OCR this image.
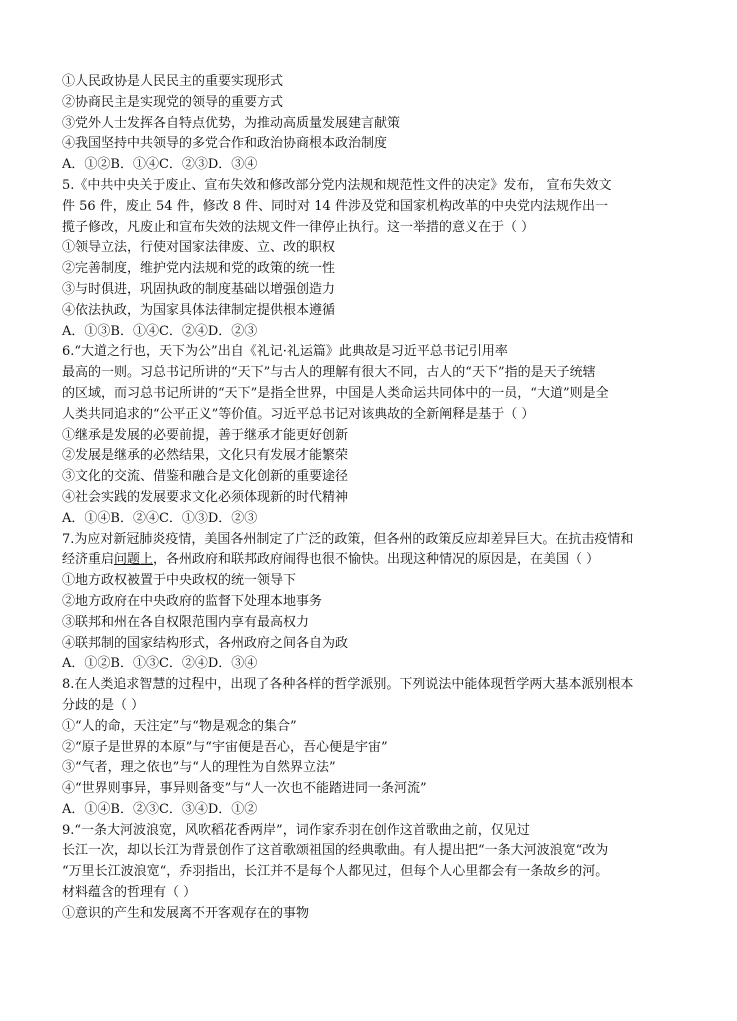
①人民政协是人民民主的重要实现形式
②协商民主是实现党的领导的重要方式
③党外人士发挥各自特点优势，为推动高质量发展建言献策
④我国坚持中共领导的多党合作和政治协商根本政治制度
A．①②B．①④C．②③D．③④
5.《中共中央关于废止、宣布失效和修改部分党内法规和规范性文件的决定》发布， 宣布失效文
件 56 件，废止 54 件，修改 8 件、同时对 14 件涉及党和国家机构改革的中央党内法规作出一
揽子修改，凡废止和宣布失效的法规文件一律停止执行。这一举措的意义在于（ ）
①领导立法，行使对国家法律废、立、改的职权
②完善制度，维护党内法规和党的政策的统一性
③与时俱进，巩固执政的制度基础以增强创造力
④依法执政，为国家具体法律制定提供根本遵循
A．①③B．①④C．②④D．②③
6.“大道之行也，天下为公”出自《礼记·礼运篇》此典故是习近平总书记引用率
最高的一则。习总书记所讲的“天下”与古人的理解有很大不同，古人的“天下”指的是天子统辖
的区域，而习总书记所讲的“天下”是指全世界，中国是人类命运共同体中的一员，“大道”则是全
人类共同追求的“公平正义”等价值。习近平总书记对该典故的全新阐释是基于（ ）
①继承是发展的必要前提，善于继承才能更好创新
②发展是继承的必然结果，文化只有发展才能繁荣
③文化的交流、借鉴和融合是文化创新的重要途径
④社会实践的发展要求文化必须体现新的时代精神
A．①④B．②④C．①③D．②③
7.为应对新冠肺炎疫情，美国各州制定了广泛的政策，但各州的政策反应却差异巨大。在抗击疫情和
经济重启问题上，各州政府和联邦政府闹得也很不愉快。出现这种情况的原因是，在美国（ ）
①地方政权被置于中央政权的统一领导下
②地方政府在中央政府的监督下处理本地事务
③联邦和州在各自权限范围内享有最高权力
④联邦制的国家结构形式，各州政府之间各自为政
A．①②B．①③C．②④D．③④
8.在人类追求智慧的过程中，出现了各种各样的哲学派别。下列说法中能体现哲学两大基本派别根本
分歧的是（ ）
①“人的命，天注定”与“物是观念的集合”
②“原子是世界的本原”与“宇宙便是吾心，吾心便是宇宙”
③“气者，理之依也”与“人的理性为自然界立法”
④“世界则事异，事异则备变”与“人一次也不能踏进同一条河流”
A．①④B．②③C．③④D．①②
9.“一条大河波浪宽，风吹稻花香两岸”，词作家乔羽在创作这首歌曲之前，仅见过
长江一次，却以长江为背景创作了这首歌颂祖国的经典歌曲。有人提出把“一条大河波浪宽“改为
“万里长江波浪宽“，乔羽指出，长江并不是每个人都见过，但每个人心里都会有一条故乡的河。
材料蕴含的哲理有（ ）
①意识的产生和发展离不开客观存在的事物
